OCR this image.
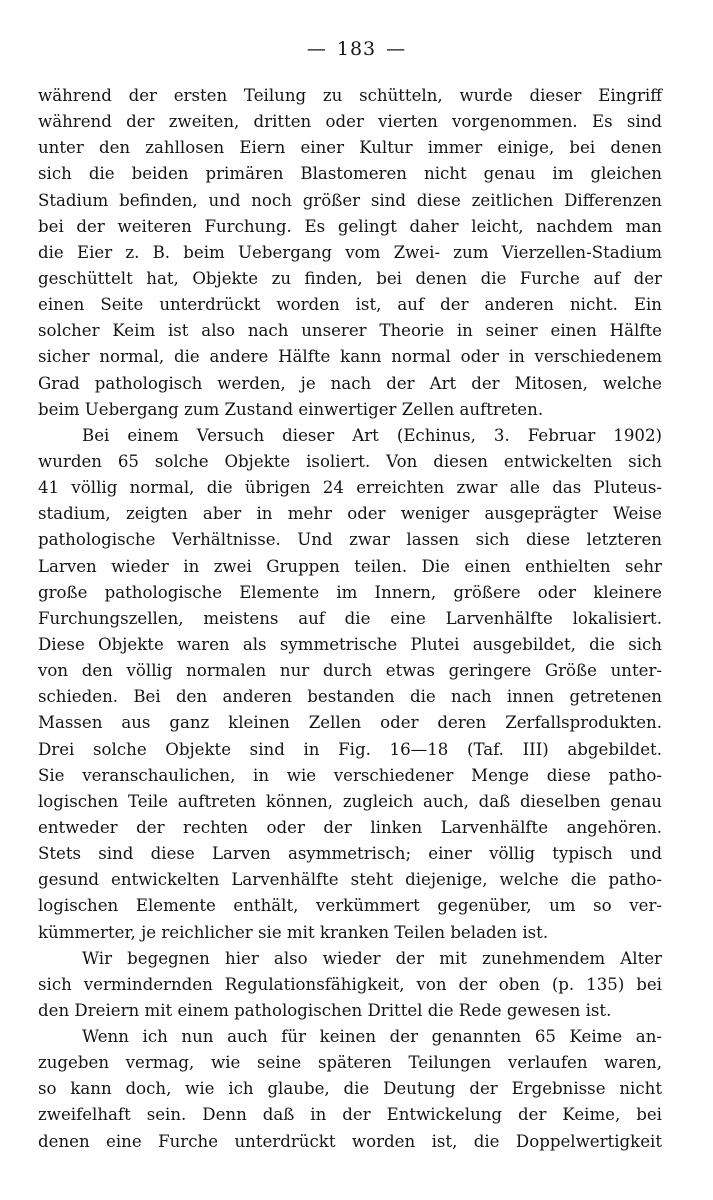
— 183 —
während der ersten Teilung zu schütteln, wurde dieser Eingriff
während der zweiten, dritten oder vierten vorgenommen. Es sind
unter den zahllosen Eiern einer Kultur immer einige, bei denen
sich die beiden primären Blastomeren nicht genau im gleichen
Stadium befinden, und noch größer sind diese zeitlichen Differenzen
bei der weiteren Furchung. Es gelingt daher leicht, nachdem man
die Eier z. B. beim Uebergang vom Zwei- zum Vierzellen-Stadium
geschüttelt hat, Objekte zu finden, bei denen die Furche auf der
einen Seite unterdrückt worden ist, auf der anderen nicht. Ein
solcher Keim ist also nach unserer Theorie in seiner einen Hälfte
sicher normal, die andere Hälfte kann normal oder in verschiedenem
Grad pathologisch werden, je nach der Art der Mitosen, welche
beim Uebergang zum Zustand einwertiger Zellen auftreten.
Bei einem Versuch dieser Art (Echinus, 3. Februar 1902)
wurden 65 solche Objekte isoliert. Von diesen entwickelten sich
41 völlig normal, die übrigen 24 erreichten zwar alle das Pluteus-
stadium, zeigten aber in mehr oder weniger ausgeprägter Weise
pathologische Verhältnisse. Und zwar lassen sich diese letzteren
Larven wieder in zwei Gruppen teilen. Die einen enthielten sehr
große pathologische Elemente im Innern, größere oder kleinere
Furchungszellen, meistens auf die eine Larvenhälfte lokalisiert.
Diese Objekte waren als symmetrische Plutei ausgebildet, die sich
von den völlig normalen nur durch etwas geringere Größe unter-
schieden. Bei den anderen bestanden die nach innen getretenen
Massen aus ganz kleinen Zellen oder deren Zerfallsprodukten.
Drei solche Objekte sind in Fig. 16—18 (Taf. III) abgebildet.
Sie veranschaulichen, in wie verschiedener Menge diese patho-
logischen Teile auftreten können, zugleich auch, daß dieselben genau
entweder der rechten oder der linken Larvenhälfte angehören.
Stets sind diese Larven asymmetrisch; einer völlig typisch und
gesund entwickelten Larvenhälfte steht diejenige, welche die patho-
logischen Elemente enthält, verkümmert gegenüber, um so ver-
kümmerter, je reichlicher sie mit kranken Teilen beladen ist.
Wir begegnen hier also wieder der mit zunehmendem Alter
sich vermindernden Regulationsfähigkeit, von der oben (p. 135) bei
den Dreiern mit einem pathologischen Drittel die Rede gewesen ist.
Wenn ich nun auch für keinen der genannten 65 Keime an-
zugeben vermag, wie seine späteren Teilungen verlaufen waren,
so kann doch, wie ich glaube, die Deutung der Ergebnisse nicht
zweifelhaft sein. Denn daß in der Entwickelung der Keime, bei
denen eine Furche unterdrückt worden ist, die Doppelwertigkeit
